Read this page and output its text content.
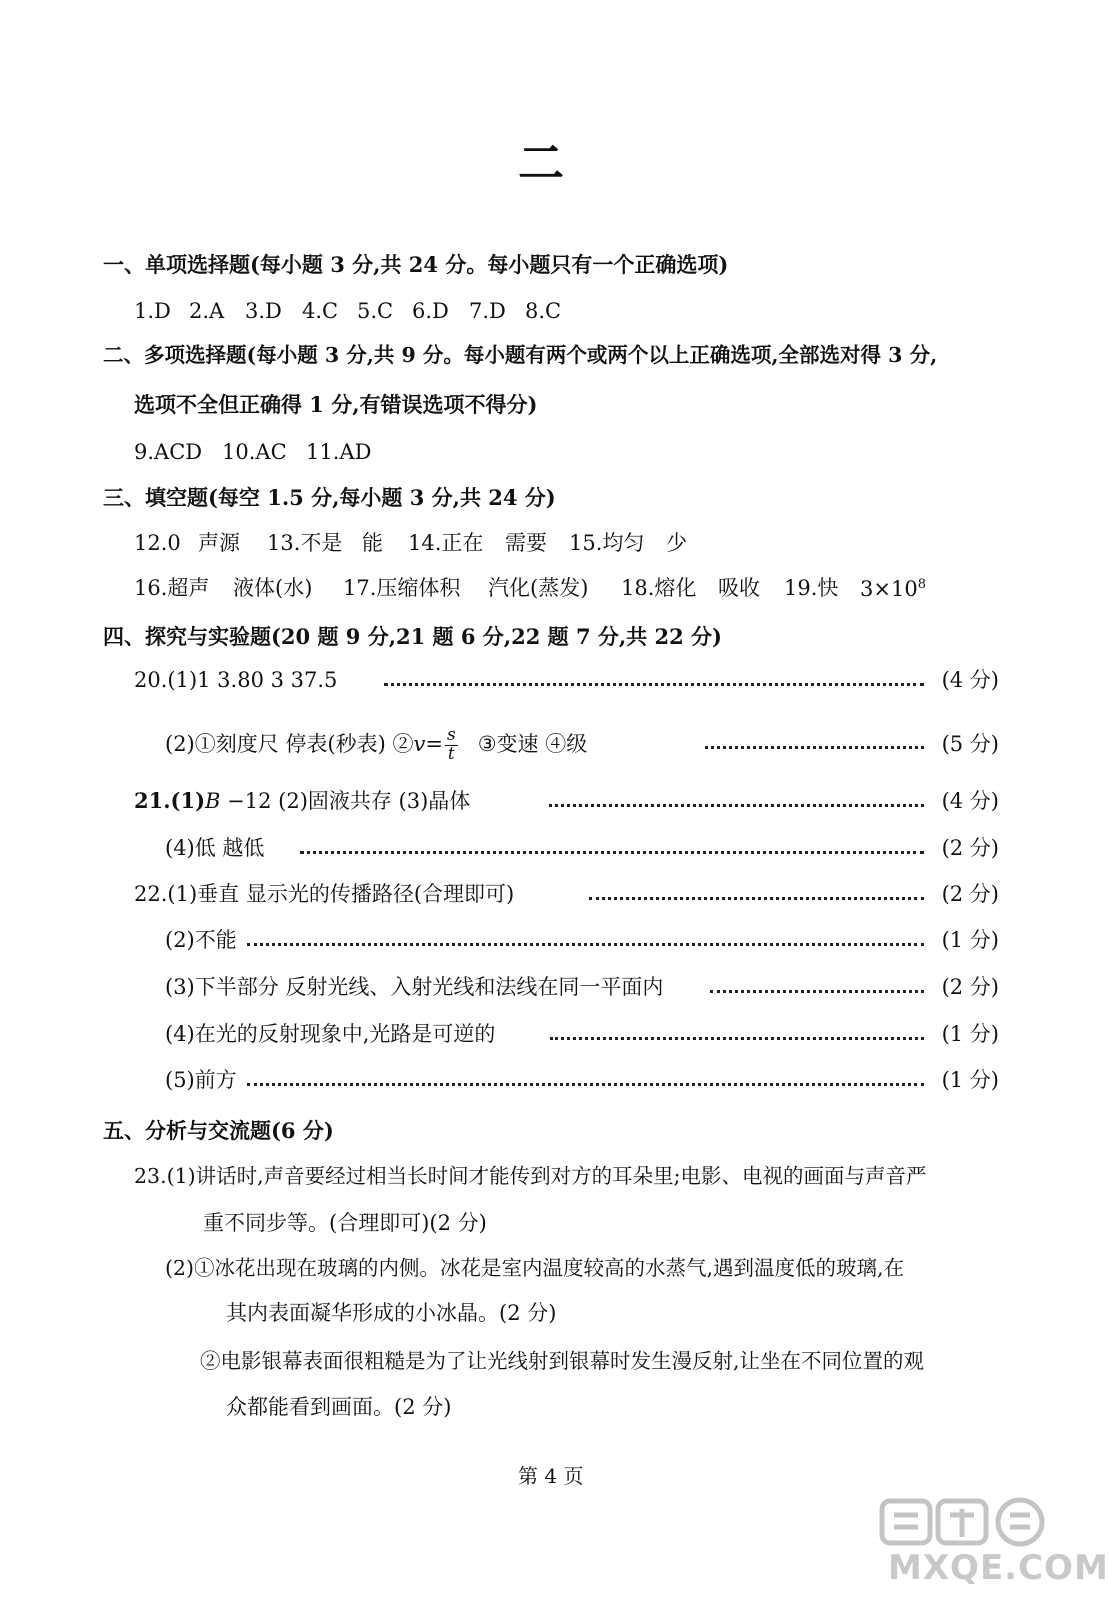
二
一、单项选择题(每小题 3 分,共 24 分。每小题只有一个正确选项)
1.D 2.A 3.D 4.C 5.C 6.D 7.D 8.C
二、多项选择题(每小题 3 分,共 9 分。每小题有两个或两个以上正确选项,全部选对得 3 分,
选项不全但正确得 1 分,有错误选项不得分)
9.ACD 10.AC 11.AD
三、填空题(每空 1.5 分,每小题 3 分,共 24 分)
12.0 声源 13.不是 能 14.正在 需要 15.均匀 少
16.超声 液体(水) 17.压缩体积 汽化(蒸发) 18.熔化 吸收 19.快 $3\times 10^8$
四、探究与实验题(20 题 9 分,21 题 6 分,22 题 7 分,共 22 分)
20.(1)1 3.80 3 37.5	(4 分)
(2)①刻度尺 停表(秒表) ②v= $\frac{s}{t}$ ③变速 ④级	(5 分)
21.(1)B −12 (2)固液共存 (3)晶体	(4 分)
(4)低 越低	(2 分)
22.(1)垂直 显示光的传播路径(合理即可)	(2 分)
(2)不能	(1 分)
(3)下半部分 反射光线、入射光线和法线在同一平面内	(2 分)
(4)在光的反射现象中,光路是可逆的	(1 分)
(5)前方	(1 分)
五、分析与交流题(6 分)
23.(1)讲话时,声音要经过相当长时间才能传到对方的耳朵里;电影、电视的画面与声音严
重不同步等。(合理即可)(2 分)
(2)①冰花出现在玻璃的内侧。冰花是室内温度较高的水蒸气,遇到温度低的玻璃,在
其内表面凝华形成的小冰晶。(2 分)
②电影银幕表面很粗糙是为了让光线射到银幕时发生漫反射,让坐在不同位置的观
众都能看到画面。(2 分)
第 4 页
MXQE.COM
